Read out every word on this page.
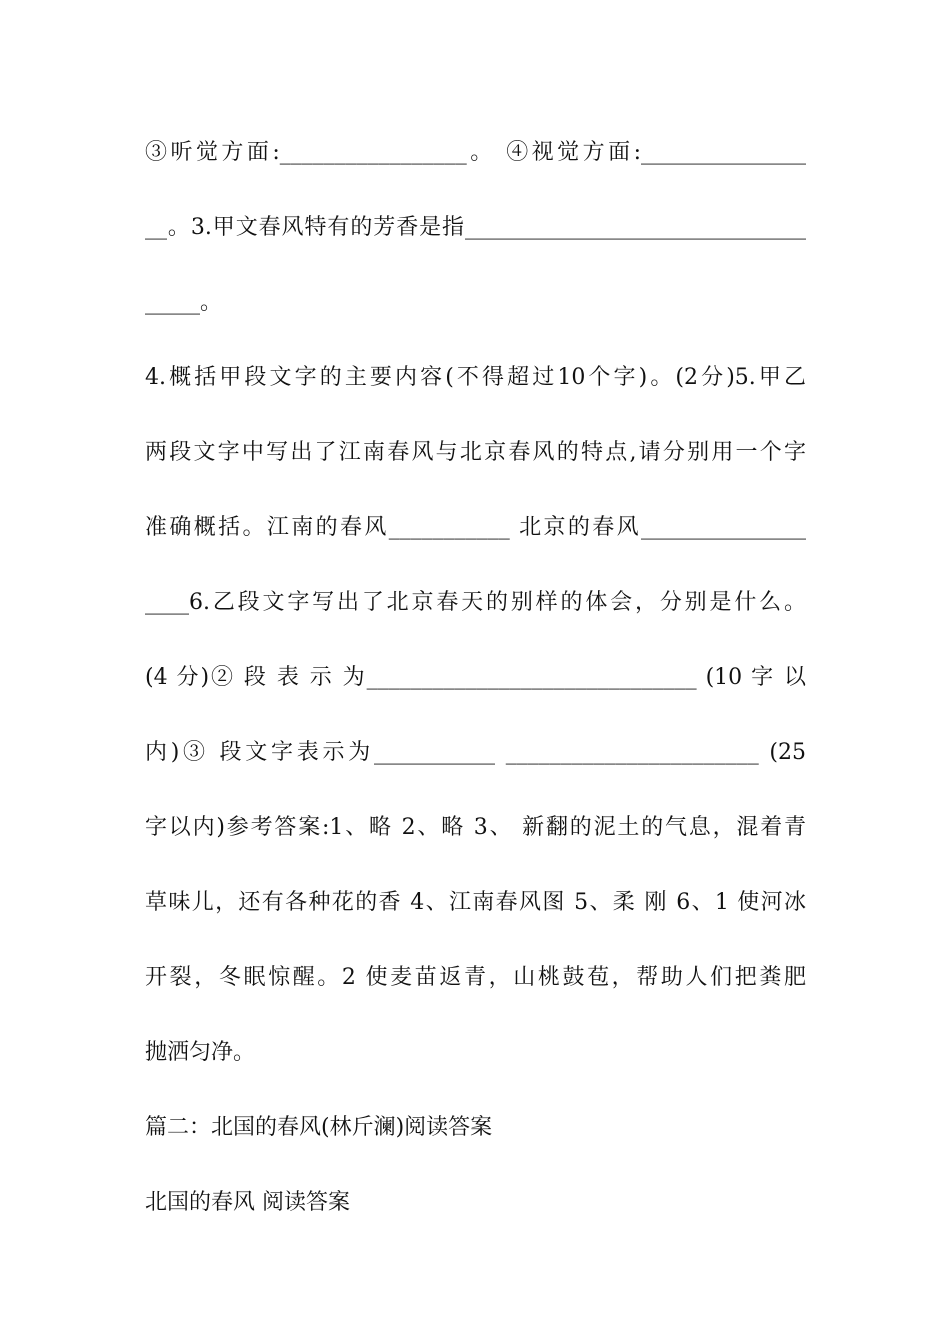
③听觉方面:_________________。 ④视觉方面:_______________
__。3.甲文春风特有的芳香是指_______________________________
_____。
4.概括甲段文字的主要内容(不得超过10个字)。(2分)5.甲乙
两段文字中写出了江南春风与北京春风的特点,请分别用一个字
准确概括。江南的春风___________ 北京的春风_______________
____6.乙段文字写出了北京春天的别样的体会，分别是什么。
(4 分)② 段 表 示 为______________________________ (10 字 以
内)③ 段文字表示为___________ _______________________ (25
字以内)参考答案:1、略 2、略 3、 新翻的泥土的气息，混着青
草味儿，还有各种花的香 4、江南春风图 5、柔 刚 6、1 使河冰
开裂，冬眠惊醒。2 使麦苗返青，山桃鼓苞，帮助人们把粪肥
抛洒匀净。
篇二：北国的春风(林斤澜)阅读答案
北国的春风 阅读答案
